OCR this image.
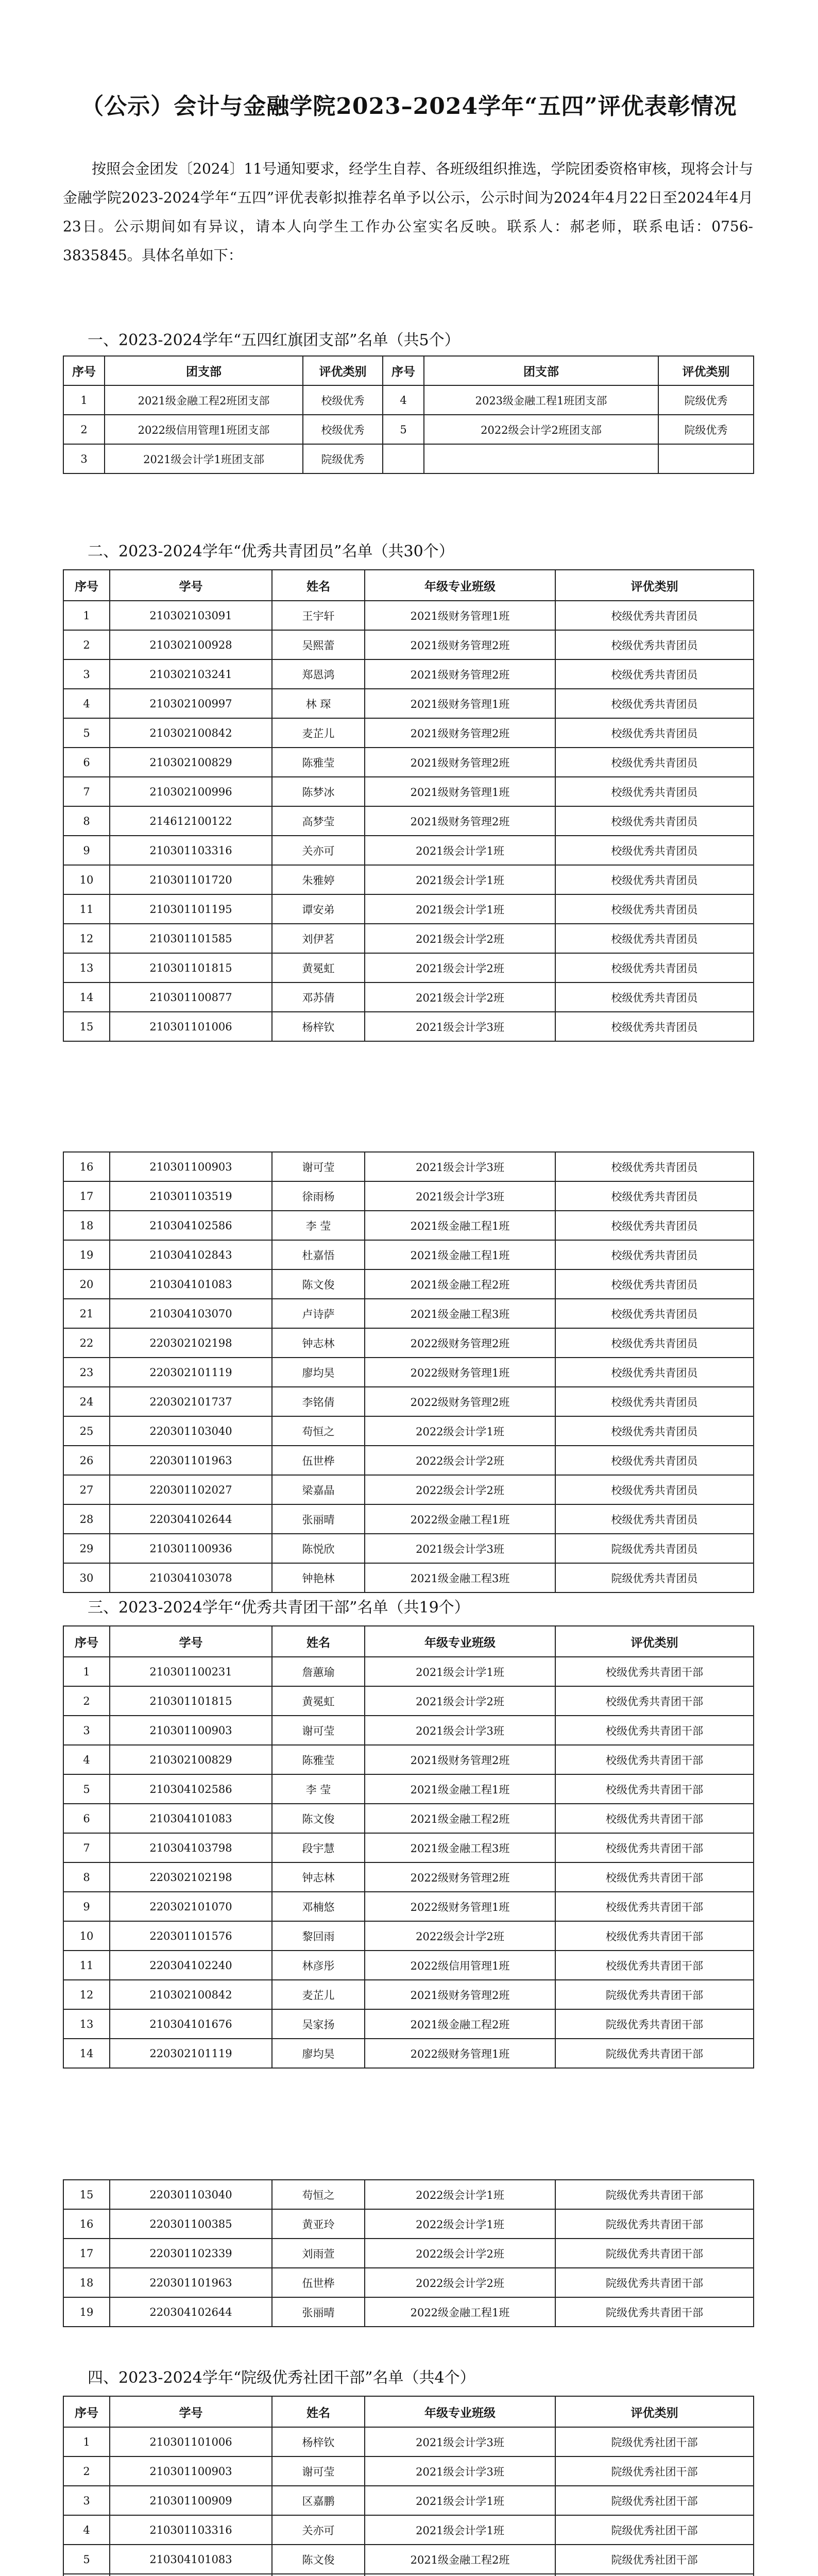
（公示）会计与金融学院2023–2024学年“五四”评优表彰情况

按照会金团发〔2024〕11号通知要求，经学生自荐、各班级组织推选，学院团委资格审核，现将会计与金融学院2023-2024学年“五四”评优表彰拟推荐名单予以公示，公示时间为2024年4月22日至2024年4月23日。公示期间如有异议，请本人向学生工作办公室实名反映。联系人：郝老师，联系电话：0756-3835845。具体名单如下：

一、2023-2024学年“五四红旗团支部”名单（共5个）

序号	团支部	评优类别	序号	团支部	评优类别
1	2021级金融工程2班团支部	校级优秀	4	2023级金融工程1班团支部	院级优秀
2	2022级信用管理1班团支部	校级优秀	5	2022级会计学2班团支部	院级优秀
3	2021级会计学1班团支部	院级优秀			

二、2023-2024学年“优秀共青团员”名单（共30个）

序号	学号	姓名	年级专业班级	评优类别
1	210302103091	王宇轩	2021级财务管理1班	校级优秀共青团员
2	210302100928	吴熙蕾	2021级财务管理2班	校级优秀共青团员
3	210302103241	郑恩鸿	2021级财务管理2班	校级优秀共青团员
4	210302100997	林 琛	2021级财务管理1班	校级优秀共青团员
5	210302100842	麦芷儿	2021级财务管理2班	校级优秀共青团员
6	210302100829	陈雅莹	2021级财务管理2班	校级优秀共青团员
7	210302100996	陈梦冰	2021级财务管理1班	校级优秀共青团员
8	214612100122	高梦莹	2021级财务管理2班	校级优秀共青团员
9	210301103316	关亦可	2021级会计学1班	校级优秀共青团员
10	210301101720	朱雅婷	2021级会计学1班	校级优秀共青团员
11	210301101195	谭安弟	2021级会计学1班	校级优秀共青团员
12	210301101585	刘伊茗	2021级会计学2班	校级优秀共青团员
13	210301101815	黄冕虹	2021级会计学2班	校级优秀共青团员
14	210301100877	邓苏倩	2021级会计学2班	校级优秀共青团员
15	210301101006	杨梓钦	2021级会计学3班	校级优秀共青团员
16	210301100903	谢可莹	2021级会计学3班	校级优秀共青团员
17	210301103519	徐雨杨	2021级会计学3班	校级优秀共青团员
18	210304102586	李 莹	2021级金融工程1班	校级优秀共青团员
19	210304102843	杜嘉悟	2021级金融工程1班	校级优秀共青团员
20	210304101083	陈文俊	2021级金融工程2班	校级优秀共青团员
21	210304103070	卢诗萨	2021级金融工程3班	校级优秀共青团员
22	220302102198	钟志林	2022级财务管理2班	校级优秀共青团员
23	220302101119	廖均昊	2022级财务管理1班	校级优秀共青团员
24	220302101737	李铭倩	2022级财务管理2班	校级优秀共青团员
25	220301103040	苟恒之	2022级会计学1班	校级优秀共青团员
26	220301101963	伍世桦	2022级会计学2班	校级优秀共青团员
27	220301102027	梁嘉晶	2022级会计学2班	校级优秀共青团员
28	220304102644	张丽晴	2022级金融工程1班	校级优秀共青团员
29	210301100936	陈悦欣	2021级会计学3班	院级优秀共青团员
30	210304103078	钟艳林	2021级金融工程3班	院级优秀共青团员

三、2023-2024学年“优秀共青团干部”名单（共19个）

序号	学号	姓名	年级专业班级	评优类别
1	210301100231	詹蕙瑜	2021级会计学1班	校级优秀共青团干部
2	210301101815	黄冕虹	2021级会计学2班	校级优秀共青团干部
3	210301100903	谢可莹	2021级会计学3班	校级优秀共青团干部
4	210302100829	陈雅莹	2021级财务管理2班	校级优秀共青团干部
5	210304102586	李 莹	2021级金融工程1班	校级优秀共青团干部
6	210304101083	陈文俊	2021级金融工程2班	校级优秀共青团干部
7	210304103798	段宇慧	2021级金融工程3班	校级优秀共青团干部
8	220302102198	钟志林	2022级财务管理2班	校级优秀共青团干部
9	220302101070	邓楠悠	2022级财务管理1班	校级优秀共青团干部
10	220301101576	黎回雨	2022级会计学2班	校级优秀共青团干部
11	220304102240	林彦彤	2022级信用管理1班	校级优秀共青团干部
12	210302100842	麦芷儿	2021级财务管理2班	院级优秀共青团干部
13	210304101676	吴家扬	2021级金融工程2班	院级优秀共青团干部
14	220302101119	廖均昊	2022级财务管理1班	院级优秀共青团干部
15	220301103040	苟恒之	2022级会计学1班	院级优秀共青团干部
16	220301100385	黄亚玲	2022级会计学1班	院级优秀共青团干部
17	220301102339	刘雨萱	2022级会计学2班	院级优秀共青团干部
18	220301101963	伍世桦	2022级会计学2班	院级优秀共青团干部
19	220304102644	张丽晴	2022级金融工程1班	院级优秀共青团干部

四、2023-2024学年“院级优秀社团干部”名单（共4个）

序号	学号	姓名	年级专业班级	评优类别
1	210301101006	杨梓钦	2021级会计学3班	院级优秀社团干部
2	210301100903	谢可莹	2021级会计学3班	院级优秀社团干部
3	210301100909	区嘉鹏	2021级会计学1班	院级优秀社团干部
4	210301103316	关亦可	2021级会计学1班	院级优秀社团干部
5	210304101083	陈文俊	2021级金融工程2班	院级优秀社团干部
